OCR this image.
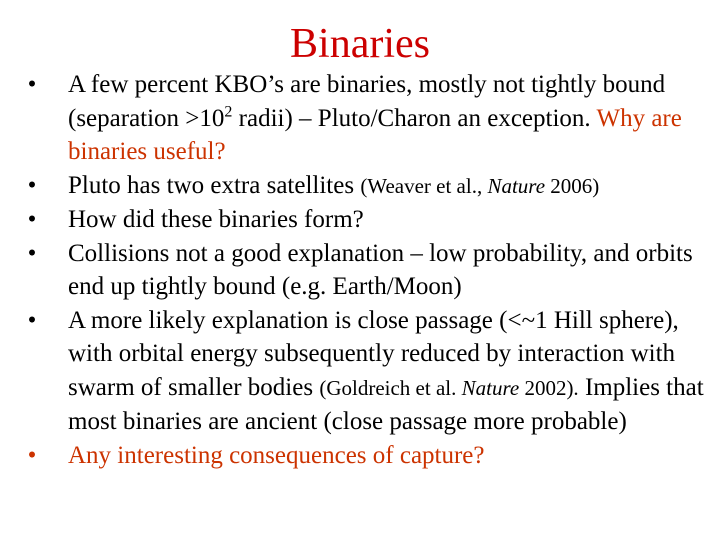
Binaries
• A few percent KBO’s are binaries, mostly not tightly bound (separation $>10^2$ radii) – Pluto/Charon an exception. Why are binaries useful?
• Pluto has two extra satellites (Weaver et al., Nature 2006)
• How did these binaries form?
• Collisions not a good explanation – low probability, and orbits end up tightly bound (e.g. Earth/Moon)
• A more likely explanation is close passage (<~1 Hill sphere), with orbital energy subsequently reduced by interaction with swarm of smaller bodies (Goldreich et al. Nature 2002). Implies that most binaries are ancient (close passage more probable)
• Any interesting consequences of capture?
